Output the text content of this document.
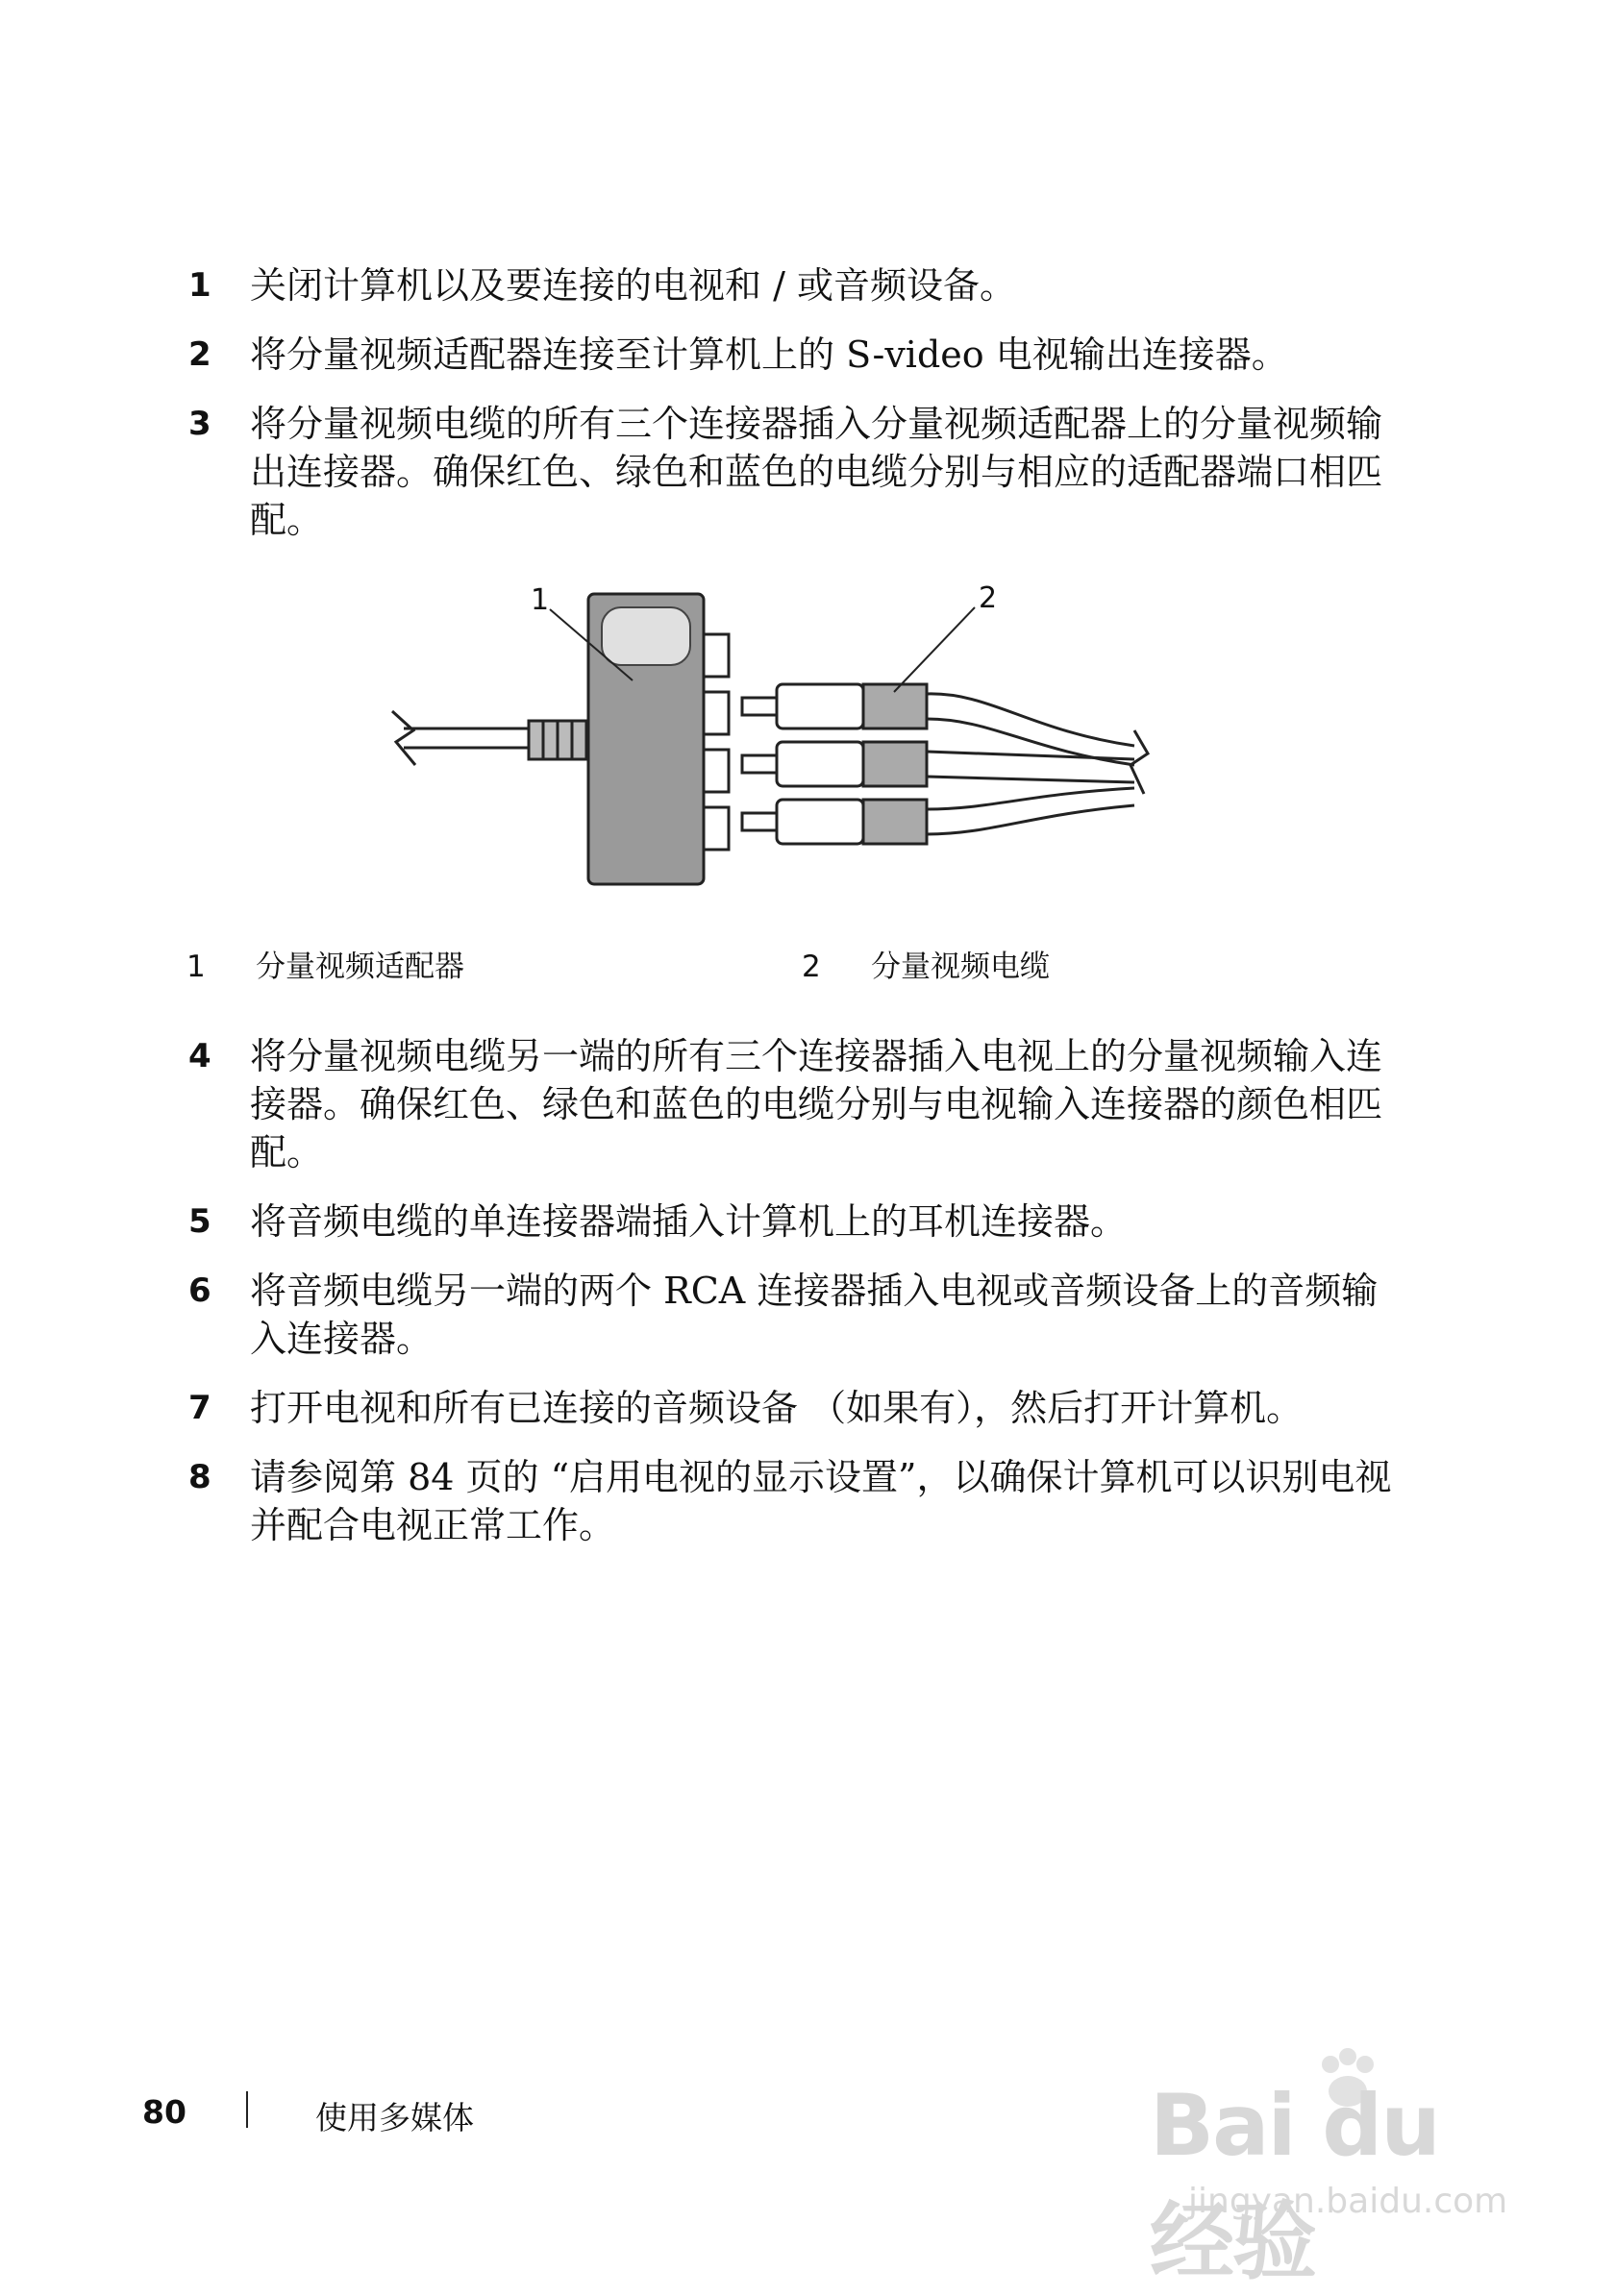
1 关闭计算机以及要连接的电视和 / 或音频设备。
2 将分量视频适配器连接至计算机上的 S-video 电视输出连接器。
3 将分量视频电缆的所有三个连接器插入分量视频适配器上的分量视频输出连接器。确保红色、绿色和蓝色的电缆分别与相应的适配器端口相匹配。
1	2
1 分量视频适配器	2 分量视频电缆
4 将分量视频电缆另一端的所有三个连接器插入电视上的分量视频输入连接器。确保红色、绿色和蓝色的电缆分别与电视输入连接器的颜色相匹配。
5 将音频电缆的单连接器端插入计算机上的耳机连接器。
6 将音频电缆另一端的两个 RCA 连接器插入电视或音频设备上的音频输入连接器。
7 打开电视和所有已连接的音频设备 （如果有），然后打开计算机。
8 请参阅第 84 页的 “启用电视的显示设置”，以确保计算机可以识别电视并配合电视正常工作。
80	使用多媒体	Bai du 经验
jingyan.baidu.com
